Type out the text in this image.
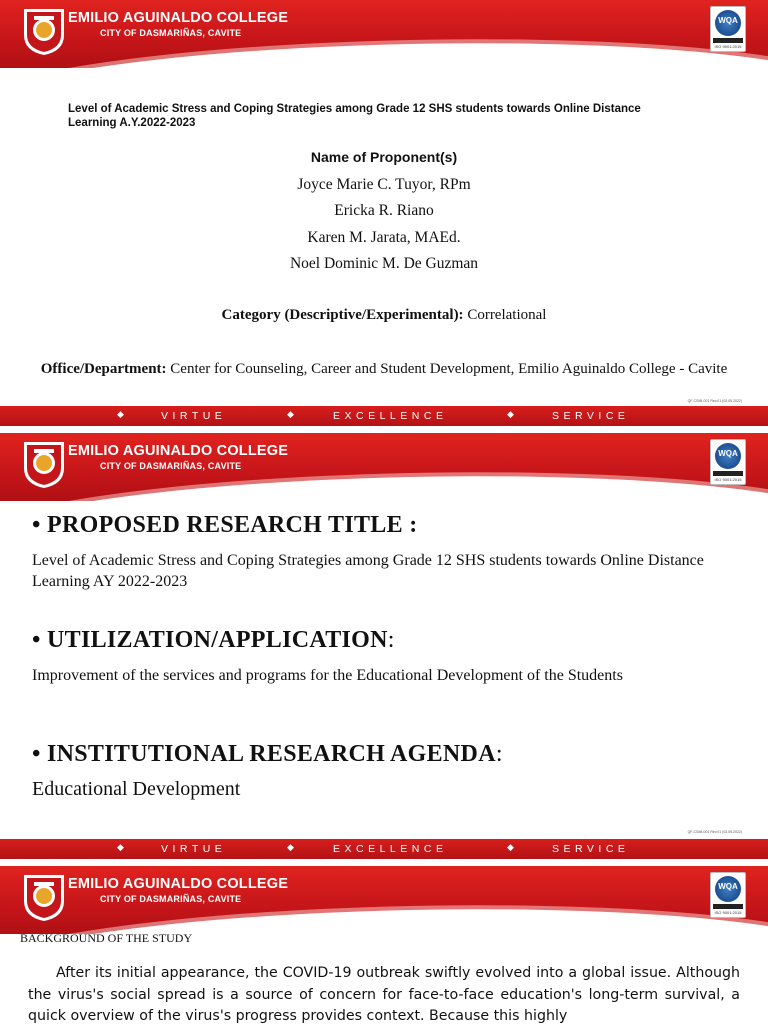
EMILIO AGUINALDO COLLEGE
CITY OF DASMARIÑAS, CAVITE
WQA
ISO 9001:2015
Level of Academic Stress and Coping Strategies among Grade 12 SHS students towards Online Distance Learning A.Y.2022-2023
Name of Proponent(s)
Joyce Marie C. Tuyor, RPm
Ericka R. Riano
Karen M. Jarata, MAEd.
Noel Dominic M. De Guzman
Category (Descriptive/Experimental): Correlational
Office/Department: Center for Counseling, Career and Student Development, Emilio Aguinaldo College - Cavite
QF-CSMI-001 Rev.01 (03.05.2022)
◆	VIRTUE	◆	EXCELLENCE	◆	SERVICE
EMILIO AGUINALDO COLLEGE
CITY OF DASMARIÑAS, CAVITE
WQA
ISO 9001:2015
• PROPOSED RESEARCH TITLE :
Level of Academic Stress and Coping Strategies among Grade 12 SHS students towards Online Distance Learning AY 2022-2023
• UTILIZATION/APPLICATION:
Improvement of the services and programs for the Educational Development of the Students
• INSTITUTIONAL RESEARCH AGENDA:
Educational Development
QF-CSMI-001 Rev.01 (03.05.2022)
◆	VIRTUE	◆	EXCELLENCE	◆	SERVICE
EMILIO AGUINALDO COLLEGE
CITY OF DASMARIÑAS, CAVITE
WQA
ISO 9001:2015
BACKGROUND OF THE STUDY
After its initial appearance, the COVID-19 outbreak swiftly evolved into a global issue. Although the virus's social spread is a source of concern for face-to-face education's long-term survival, a quick overview of the virus's progress provides context. Because this highly
